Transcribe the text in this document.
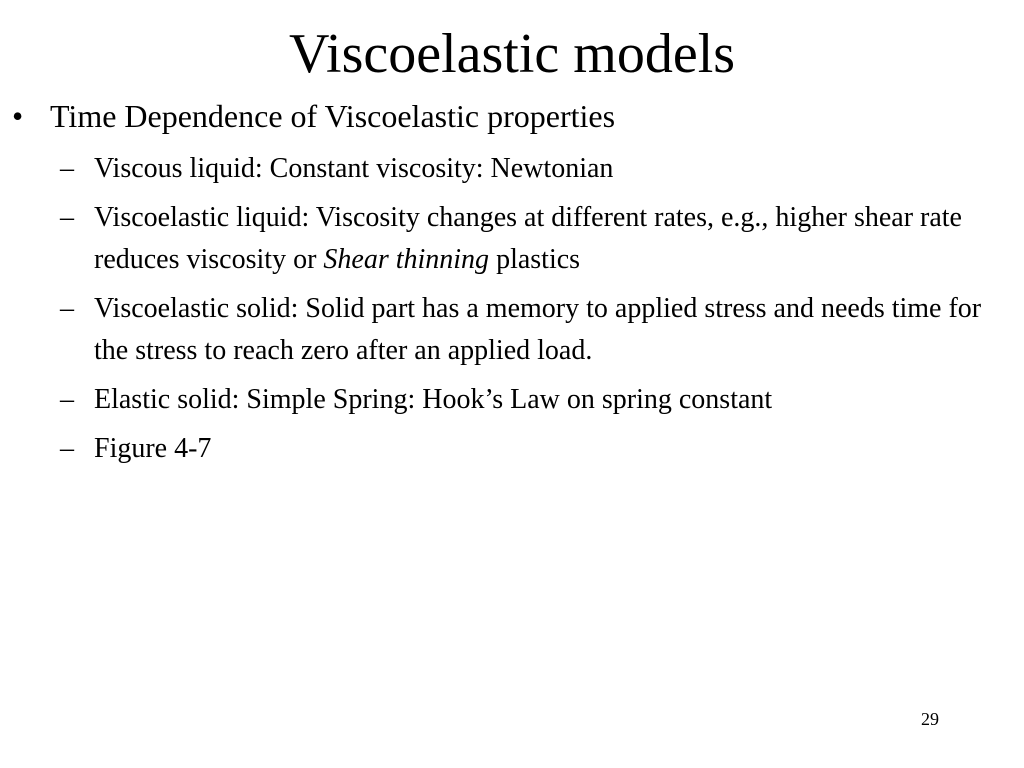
Viscoelastic models
• Time Dependence of Viscoelastic properties
– Viscous liquid: Constant viscosity: Newtonian
– Viscoelastic liquid: Viscosity changes at different rates, e.g., higher shear rate reduces viscosity or Shear thinning plastics
– Viscoelastic solid: Solid part has a memory to applied stress and needs time for the stress to reach zero after an applied load.
– Elastic solid: Simple Spring: Hook’s Law on spring constant
– Figure 4-7
29
